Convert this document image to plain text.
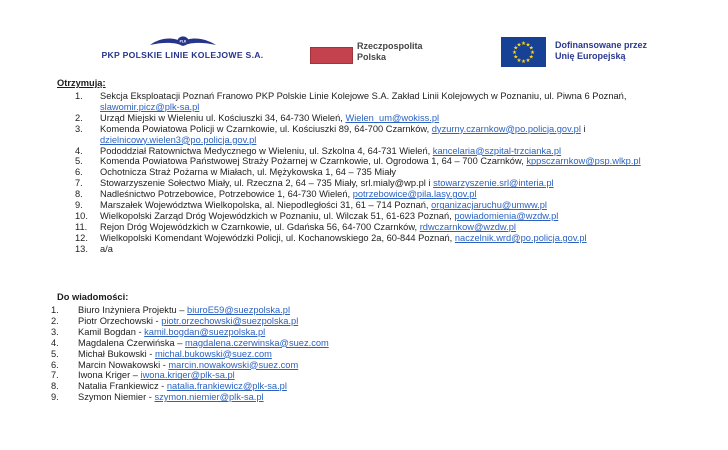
PLK
PKP POLSKIE LINIE KOLEJOWE S.A.
Rzeczpospolita
Polska
★ ★
★
★
★
★
★
★
★
★
★
★	Dofinansowane przez
Unię Europejską
Otrzymują:
1.	Sekcja Eksploatacji Poznań Franowo PKP Polskie Linie Kolejowe S.A. Zakład Linii Kolejowych w Poznaniu, ul. Piwna 6 Poznań, slawomir.picz@plk-sa.pl
2.	Urząd Miejski w Wieleniu ul. Kościuszki 34, 64-730 Wieleń, Wielen_um@wokiss.pl
3.	Komenda Powiatowa Policji w Czarnkowie, ul. Kościuszki 89, 64-700 Czarnków, dyzurny.czarnkow@po.policja.gov.pl i dzielnicowy.wielen3@po.policja.gov.pl
4.	Pododdział Ratownictwa Medycznego w Wieleniu, ul. Szkolna 4, 64-731 Wieleń, kancelaria@szpital-trzcianka.pl
5.	Komenda Powiatowa Państwowej Straży Pożarnej w Czarnkowie, ul. Ogrodowa 1, 64 – 700 Czarnków, kppsczarnkow@psp.wlkp.pl
6.	Ochotnicza Straż Pożarna w Miałach, ul. Mężykowska 1, 64 – 735 Miały
7.	Stowarzyszenie Sołectwo Miały, ul. Rzeczna 2, 64 – 735 Miały, srl.mialy@wp.pl i stowarzyszenie.srl@interia.pl
8.	Nadleśnictwo Potrzebowice, Potrzebowice 1, 64-730 Wieleń, potrzebowice@pila.lasy.gov.pl
9.	Marszałek Województwa Wielkopolska, al. Niepodległości 31, 61 – 714 Poznań, organizacjaruchu@umww.pl
10.	Wielkopolski Zarząd Dróg Wojewódzkich w Poznaniu, ul. Wilczak 51, 61-623 Poznań, powiadomienia@wzdw.pl
11.	Rejon Dróg Wojewódzkich w Czarnkowie, ul. Gdańska 56, 64-700 Czarnków, rdwczarnkow@wzdw.pl
12.	Wielkopolski Komendant Wojewódzki Policji, ul. Kochanowskiego 2a, 60-844 Poznań, naczelnik.wrd@po.policja.gov.pl
13.	a/a
Do wiadomości:
1.	Biuro Inżyniera Projektu – biuroE59@suezpolska.pl
2.	Piotr Orzechowski - piotr.orzechowski@suezpolska.pl
3.	Kamil Bogdan - kamil.bogdan@suezpolska.pl
4.	Magdalena Czerwińska – magdalena.czerwinska@suez.com
5.	Michał Bukowski - michal.bukowski@suez.com
6.	Marcin Nowakowski - marcin.nowakowski@suez.com
7.	Iwona Kriger – iwona.kriger@plk-sa.pl
8.	Natalia Frankiewicz - natalia.frankiewicz@plk-sa.pl
9.	Szymon Niemier - szymon.niemier@plk-sa.pl
